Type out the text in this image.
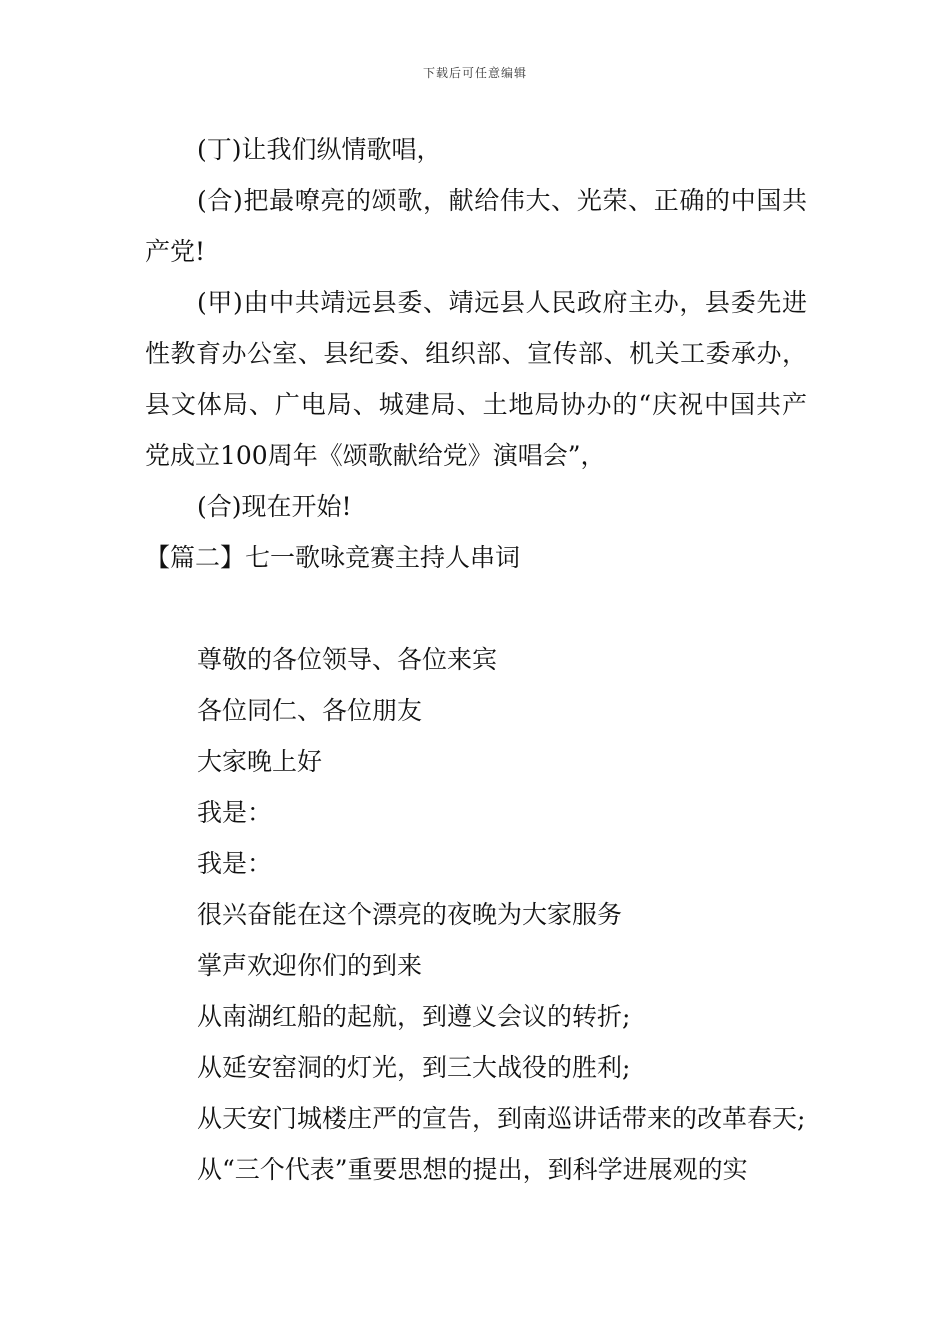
下载后可任意编辑

(丁)让我们纵情歌唱，

(合)把最嘹亮的颂歌，献给伟大、光荣、正确的中国共产党!

(甲)由中共靖远县委、靖远县人民政府主办，县委先进性教育办公室、县纪委、组织部、宣传部、机关工委承办，县文体局、广电局、城建局、土地局协办的“庆祝中国共产党成立100周年《颂歌献给党》演唱会”，

(合)现在开始!

【篇二】七一歌咏竞赛主持人串词

尊敬的各位领导、各位来宾

各位同仁、各位朋友

大家晚上好

我是：

我是：

很兴奋能在这个漂亮的夜晚为大家服务

掌声欢迎你们的到来

从南湖红船的起航，到遵义会议的转折;

从延安窑洞的灯光，到三大战役的胜利;

从天安门城楼庄严的宣告，到南巡讲话带来的改革春天;

从“三个代表”重要思想的提出，到科学进展观的实
